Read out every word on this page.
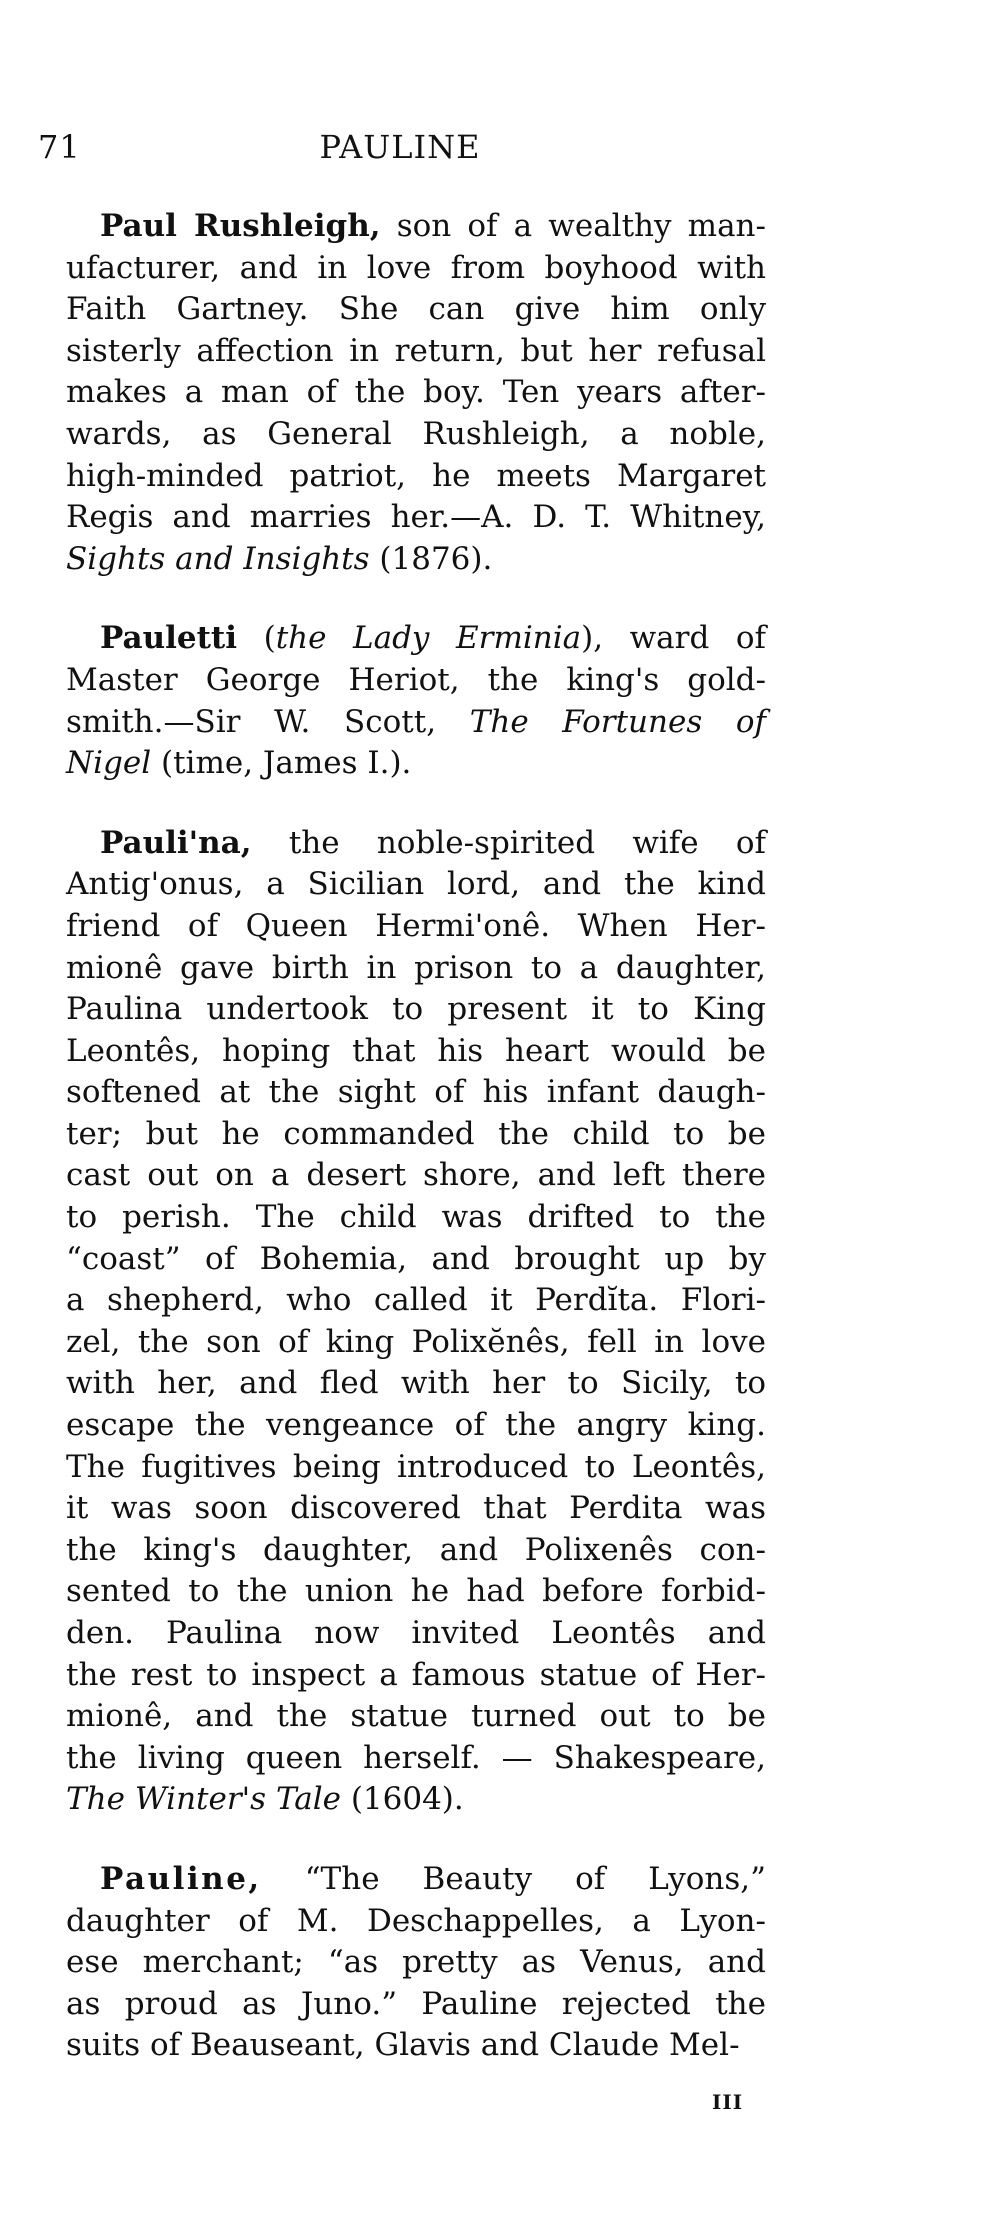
71	PAULINE
Paul Rushleigh, son of a wealthy man-
ufacturer, and in love from boyhood with
Faith Gartney. She can give him only
sisterly affection in return, but her refusal
makes a man of the boy. Ten years after-
wards, as General Rushleigh, a noble,
high-minded patriot, he meets Margaret
Regis and marries her.—A. D. T. Whitney,
Sights and Insights (1876).
Pauletti (the Lady Erminia), ward of
Master George Heriot, the king's gold-
smith.—Sir W. Scott, The Fortunes of
Nigel (time, James I.).
Pauli'na, the noble-spirited wife of
Antig'onus, a Sicilian lord, and the kind
friend of Queen Hermi'onê. When Her-
mionê gave birth in prison to a daughter,
Paulina undertook to present it to King
Leontês, hoping that his heart would be
softened at the sight of his infant daugh-
ter; but he commanded the child to be
cast out on a desert shore, and left there
to perish. The child was drifted to the
“coast” of Bohemia, and brought up by
a shepherd, who called it Perdĭta. Flori-
zel, the son of king Polixĕnês, fell in love
with her, and fled with her to Sicily, to
escape the vengeance of the angry king.
The fugitives being introduced to Leontês,
it was soon discovered that Perdita was
the king's daughter, and Polixenês con-
sented to the union he had before forbid-
den. Paulina now invited Leontês and
the rest to inspect a famous statue of Her-
mionê, and the statue turned out to be
the living queen herself. — Shakespeare,
The Winter's Tale (1604).
Pauline, “The Beauty of Lyons,”
daughter of M. Deschappelles, a Lyon-
ese merchant; “as pretty as Venus, and
as proud as Juno.” Pauline rejected the
suits of Beauseant, Glavis and Claude Mel-
III
